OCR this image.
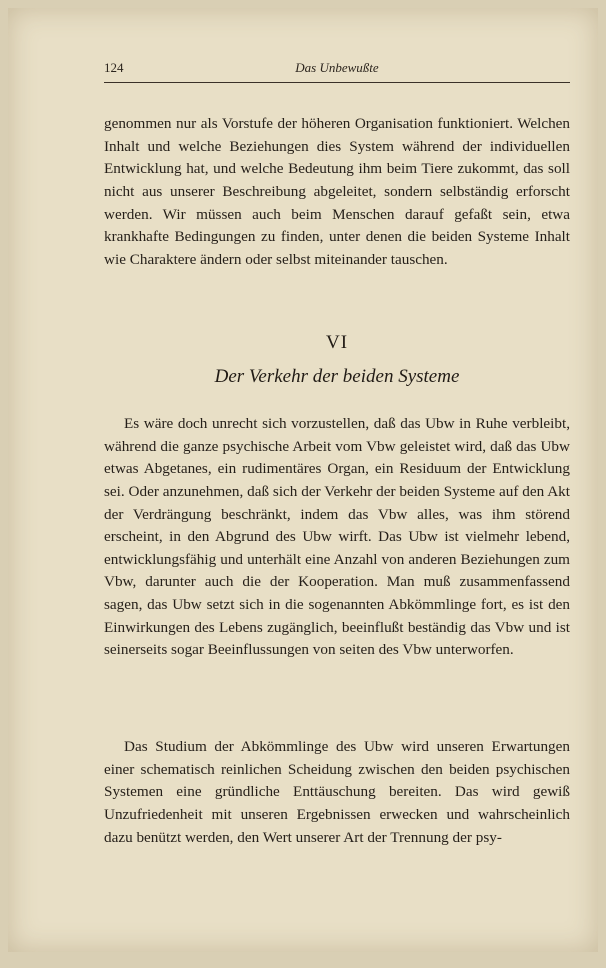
124	Das Unbewußte

genommen nur als Vorstufe der höheren Organisation funktioniert. Welchen Inhalt und welche Beziehungen dies System während der individuellen Entwicklung hat, und welche Bedeutung ihm beim Tiere zukommt, das soll nicht aus unserer Beschreibung abgeleitet, sondern selbständig erforscht werden. Wir müssen auch beim Menschen darauf gefaßt sein, etwa krankhafte Bedingungen zu finden, unter denen die beiden Systeme Inhalt wie Charaktere ändern oder selbst miteinander tauschen.

VI
Der Verkehr der beiden Systeme

Es wäre doch unrecht sich vorzustellen, daß das Ubw in Ruhe verbleibt, während die ganze psychische Arbeit vom Vbw geleistet wird, daß das Ubw etwas Abgetanes, ein rudimentäres Organ, ein Residuum der Entwicklung sei. Oder anzunehmen, daß sich der Verkehr der beiden Systeme auf den Akt der Verdrängung beschränkt, indem das Vbw alles, was ihm störend erscheint, in den Abgrund des Ubw wirft. Das Ubw ist vielmehr lebend, entwicklungsfähig und unterhält eine Anzahl von anderen Beziehungen zum Vbw, darunter auch die der Kooperation. Man muß zusammenfassend sagen, das Ubw setzt sich in die sogenannten Abkömmlinge fort, es ist den Einwirkungen des Lebens zugänglich, beeinflußt beständig das Vbw und ist seinerseits sogar Beeinflussungen von seiten des Vbw unterworfen.

Das Studium der Abkömmlinge des Ubw wird unseren Erwartungen einer schematisch reinlichen Scheidung zwischen den beiden psychischen Systemen eine gründliche Enttäuschung bereiten. Das wird gewiß Unzufriedenheit mit unseren Ergebnissen erwecken und wahrscheinlich dazu benützt werden, den Wert unserer Art der Trennung der psy-
